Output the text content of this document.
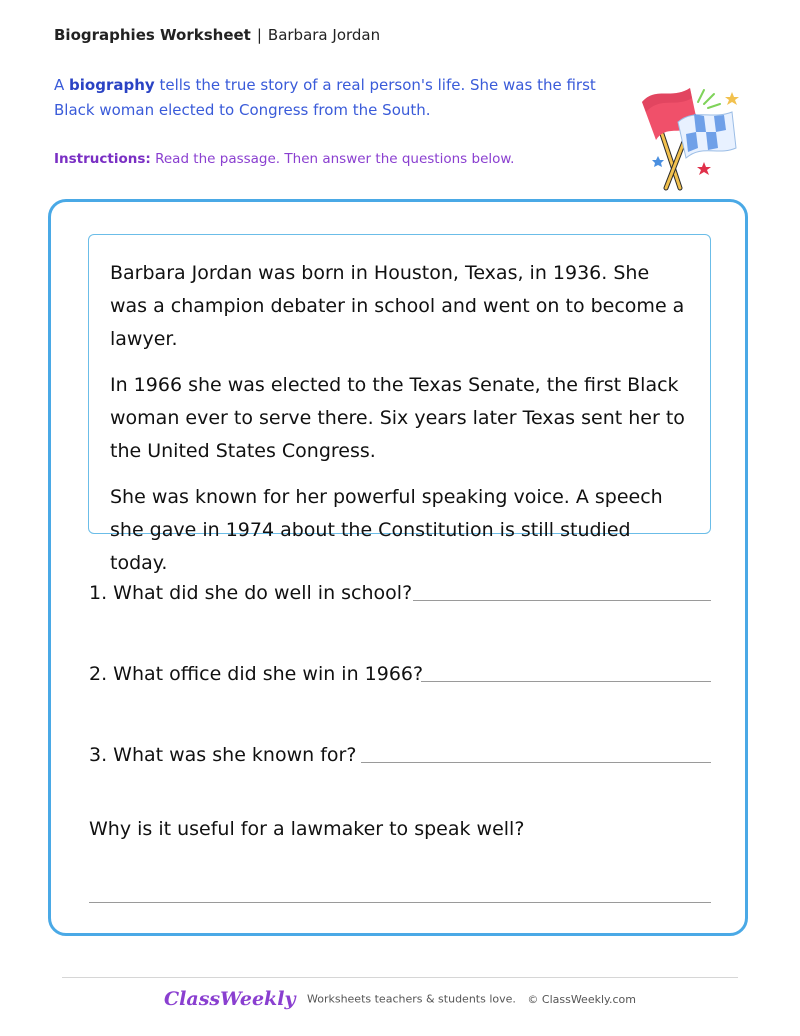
Biographies Worksheet | Barbara Jordan
A biography tells the true story of a real person's life. She was the first Black woman elected to Congress from the South.
Instructions: Read the passage. Then answer the questions below.

Barbara Jordan was born in Houston, Texas, in 1936. She was a champion debater in school and went on to become a lawyer.

In 1966 she was elected to the Texas Senate, the first Black woman ever to serve there. Six years later Texas sent her to the United States Congress.

She was known for her powerful speaking voice. A speech she gave in 1974 about the Constitution is still studied today.

1. What did she do well in school?
2. What office did she win in 1966?
3. What was she known for?
Why is it useful for a lawmaker to speak well?
ClassWeekly Worksheets teachers & students love. © ClassWeekly.com
